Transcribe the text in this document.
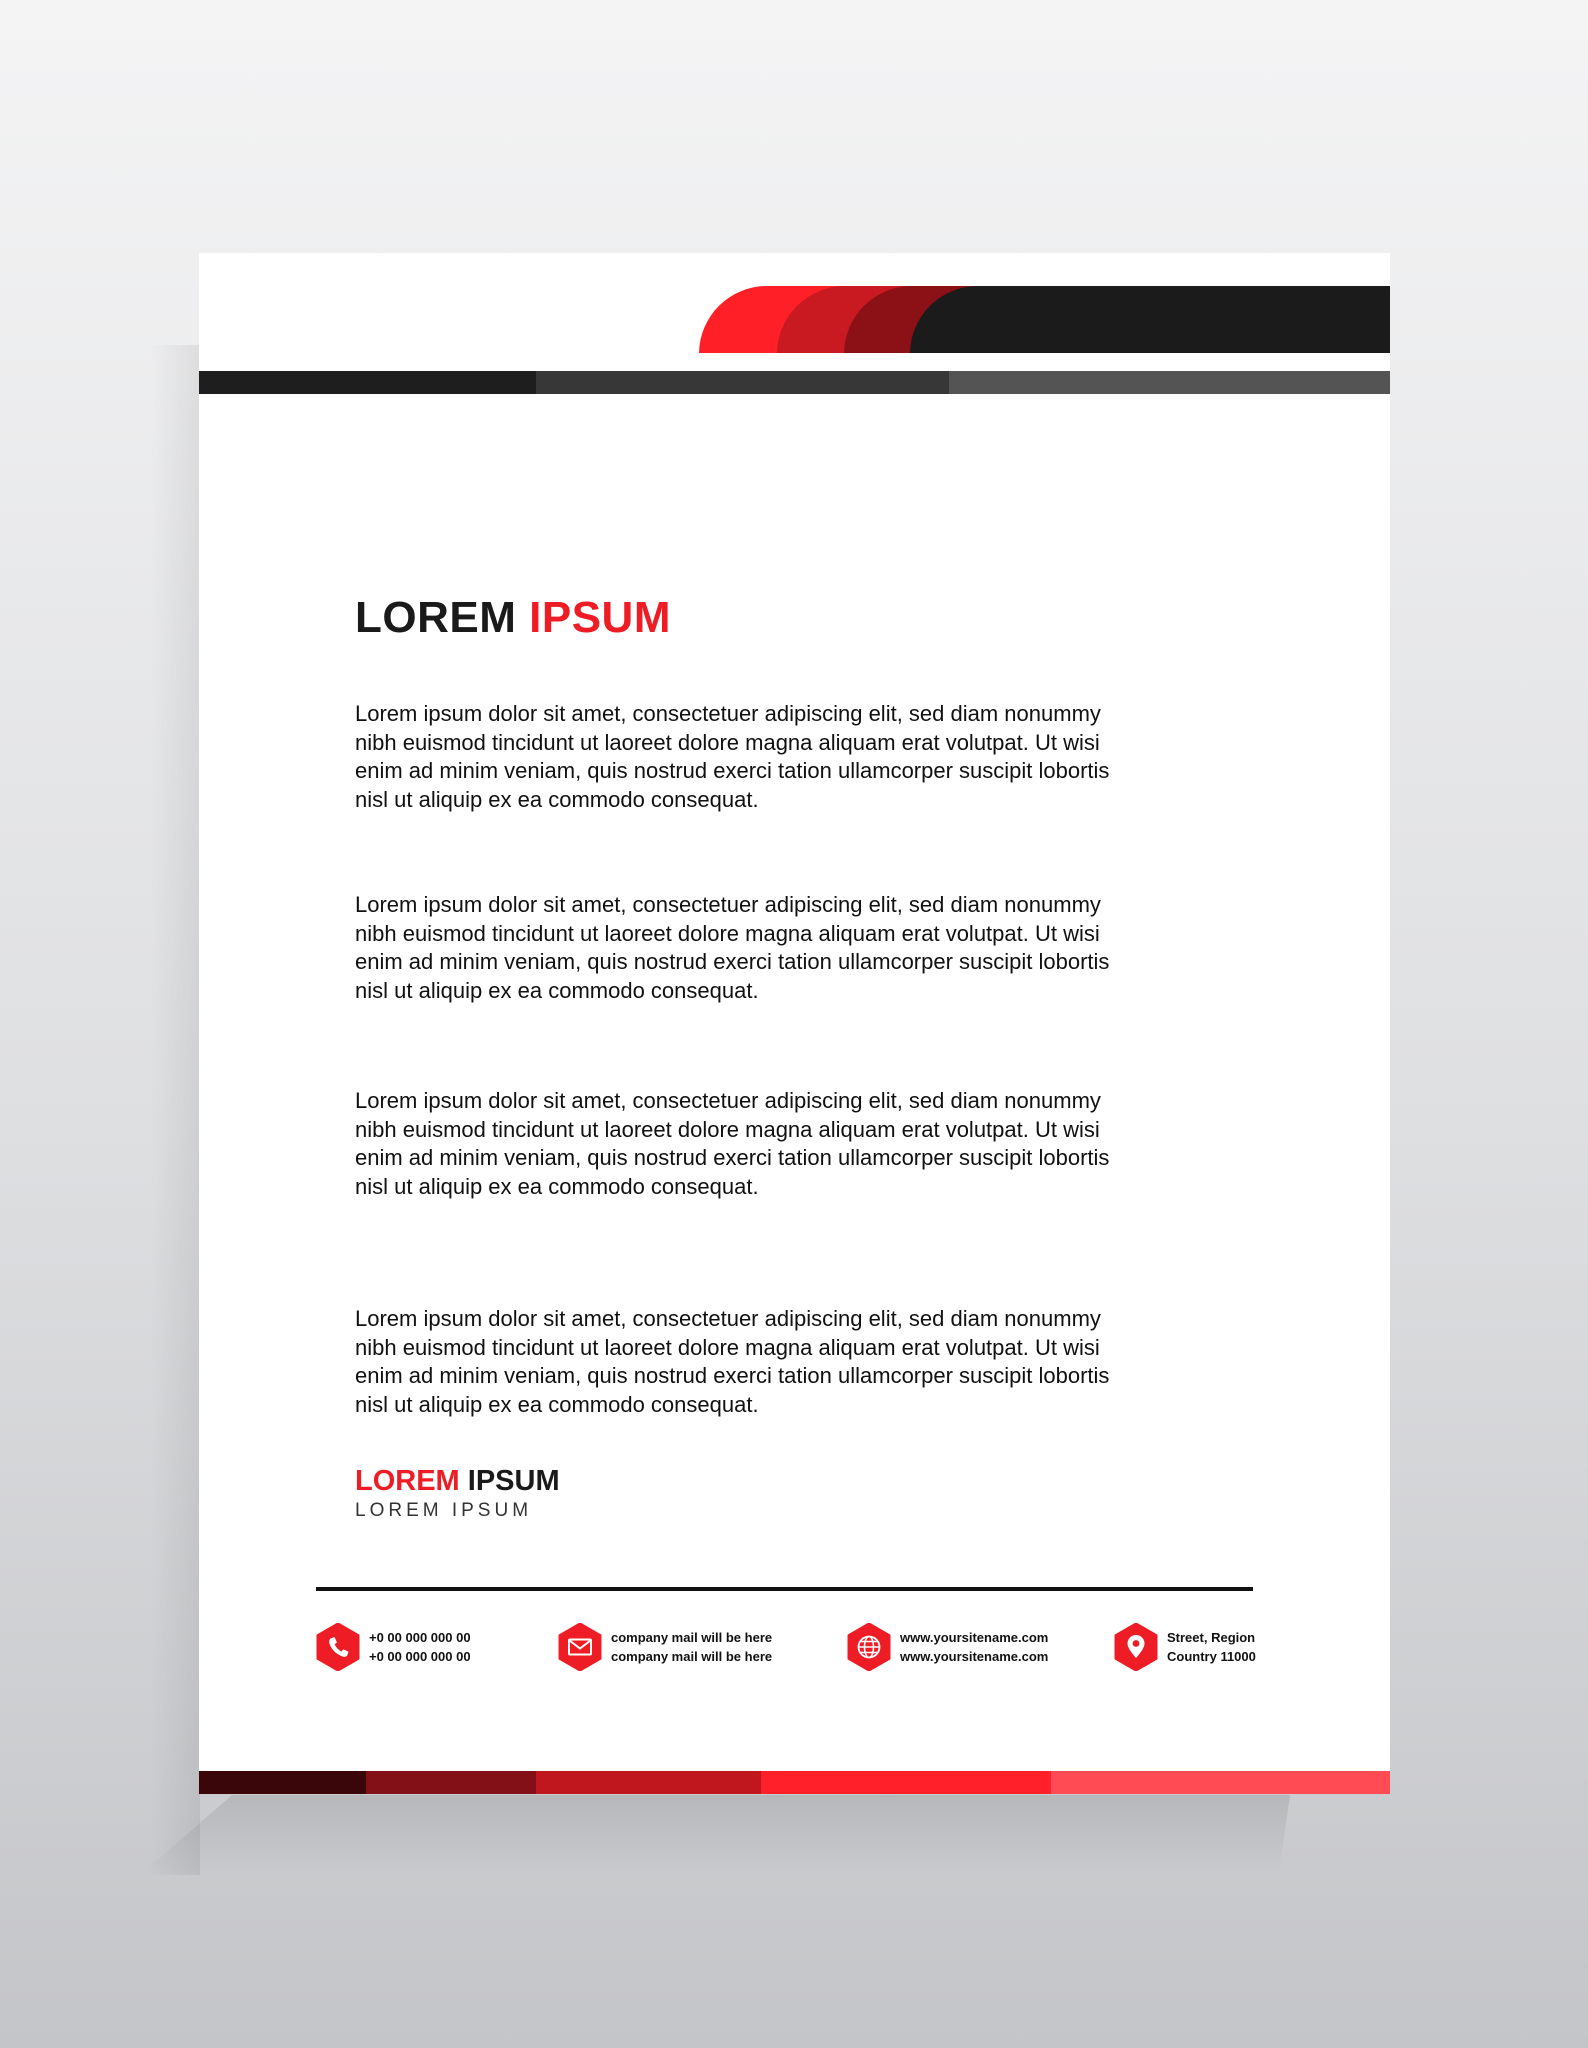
LOREM IPSUM

Lorem ipsum dolor sit amet, consectetuer adipiscing elit, sed diam nonummy nibh euismod tincidunt ut laoreet dolore magna aliquam erat volutpat. Ut wisi enim ad minim veniam, quis nostrud exerci tation ullamcorper suscipit lobortis nisl ut aliquip ex ea commodo consequat.

Lorem ipsum dolor sit amet, consectetuer adipiscing elit, sed diam nonummy nibh euismod tincidunt ut laoreet dolore magna aliquam erat volutpat. Ut wisi enim ad minim veniam, quis nostrud exerci tation ullamcorper suscipit lobortis nisl ut aliquip ex ea commodo consequat.

Lorem ipsum dolor sit amet, consectetuer adipiscing elit, sed diam nonummy nibh euismod tincidunt ut laoreet dolore magna aliquam erat volutpat. Ut wisi enim ad minim veniam, quis nostrud exerci tation ullamcorper suscipit lobortis nisl ut aliquip ex ea commodo consequat.

Lorem ipsum dolor sit amet, consectetuer adipiscing elit, sed diam nonummy nibh euismod tincidunt ut laoreet dolore magna aliquam erat volutpat. Ut wisi enim ad minim veniam, quis nostrud exerci tation ullamcorper suscipit lobortis nisl ut aliquip ex ea commodo consequat.

LOREM IPSUM
LOREM IPSUM
+0 00 000 000 00
+0 00 000 000 00
company mail will be here
company mail will be here
www.yoursitename.com
www.yoursitename.com
Street, Region
Country 11000
